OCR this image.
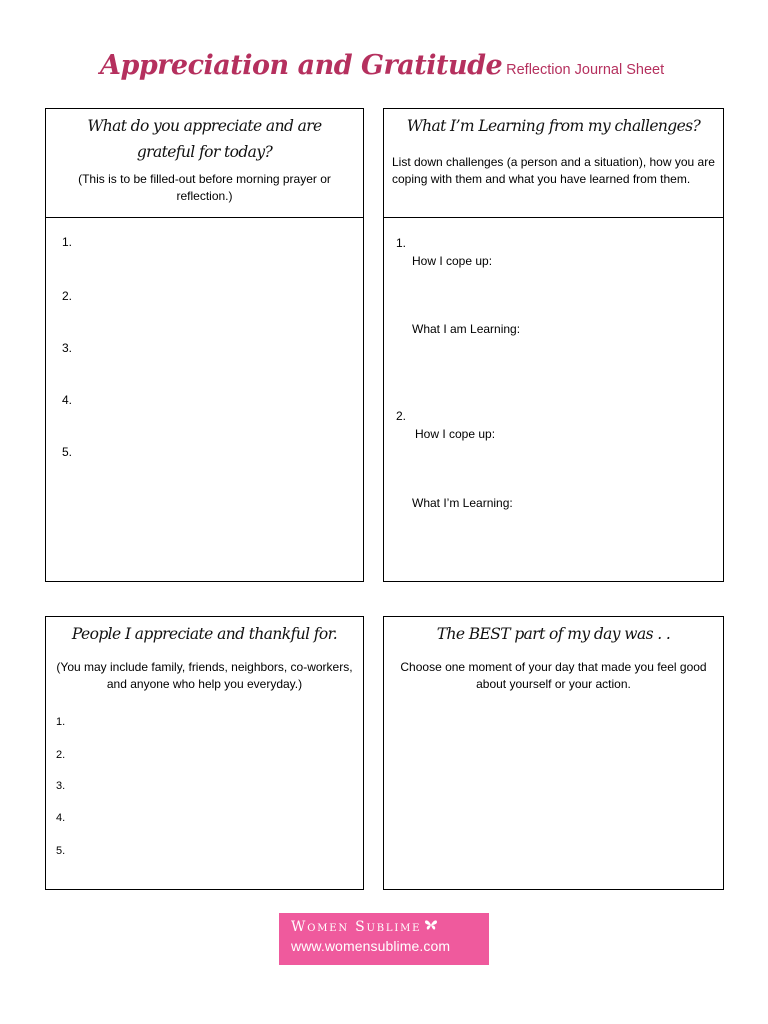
Appreciation and Gratitude Reflection Journal Sheet
What do you appreciate and are grateful for today?
(This is to be filled-out before morning prayer or reflection.)
1.
2.
3.
4.
5.
What I’m Learning from my challenges?
List down challenges (a person and a situation), how you are coping with them and what you have learned from them.
1.
How I cope up:
What I am Learning:
2.
How I cope up:
What I’m Learning:
People I appreciate and thankful for.
(You may include family, friends, neighbors, co-workers, and anyone who help you everyday.)
1.
2.
3.
4.
5.
The BEST part of my day was . .
Choose one moment of your day that made you feel good about yourself or your action.
Women Sublime
www.womensublime.com
